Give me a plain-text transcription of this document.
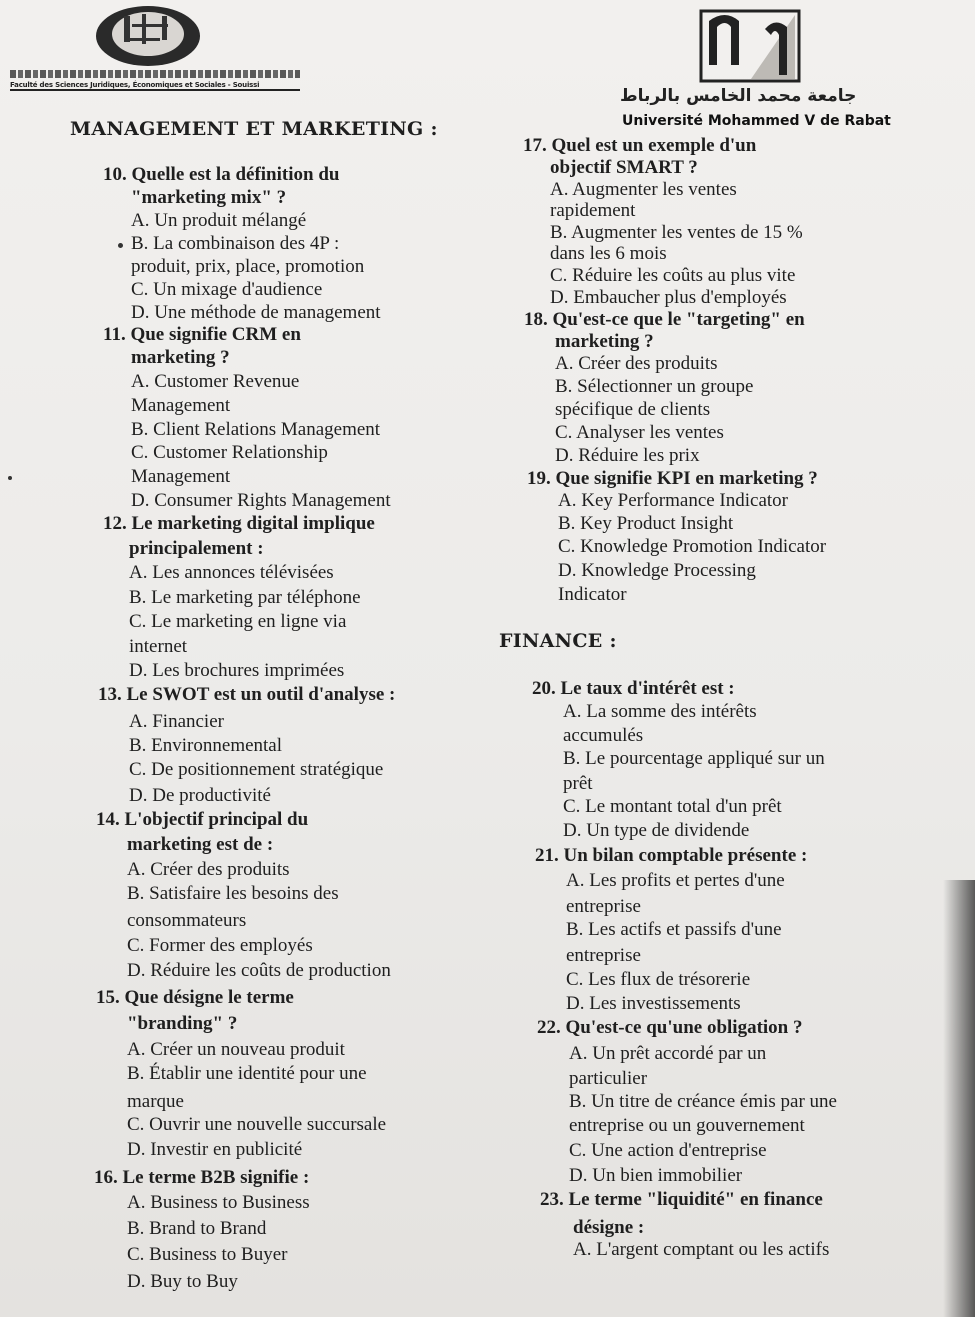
Faculté des Sciences Juridiques, Économiques et Sociales - Souissi
جامعة محمد الخامس بالرباط
Université Mohammed V de Rabat
MANAGEMENT ET MARKETING :
FINANCE :
10. Quelle est la définition du
"marketing mix" ?
A. Un produit mélangé
B. La combinaison des 4P :
produit, prix, place, promotion
C. Un mixage d'audience
D. Une méthode de management
11. Que signifie CRM en
marketing ?
A. Customer Revenue
Management
B. Client Relations Management
C. Customer Relationship
Management
D. Consumer Rights Management
12. Le marketing digital implique
principalement :
A. Les annonces télévisées
B. Le marketing par téléphone
C. Le marketing en ligne via
internet
D. Les brochures imprimées
13. Le SWOT est un outil d'analyse :
A. Financier
B. Environnemental
C. De positionnement stratégique
D. De productivité
14. L'objectif principal du
marketing est de :
A. Créer des produits
B. Satisfaire les besoins des
consommateurs
C. Former des employés
D. Réduire les coûts de production
15. Que désigne le terme
"branding" ?
A. Créer un nouveau produit
B. Établir une identité pour une
marque
C. Ouvrir une nouvelle succursale
D. Investir en publicité
16. Le terme B2B signifie :
A. Business to Business
B. Brand to Brand
C. Business to Buyer
D. Buy to Buy
17. Quel est un exemple d'un
objectif SMART ?
A. Augmenter les ventes
rapidement
B. Augmenter les ventes de 15 %
dans les 6 mois
C. Réduire les coûts au plus vite
D. Embaucher plus d'employés
18. Qu'est-ce que le "targeting" en
marketing ?
A. Créer des produits
B. Sélectionner un groupe
spécifique de clients
C. Analyser les ventes
D. Réduire les prix
19. Que signifie KPI en marketing ?
A. Key Performance Indicator
B. Key Product Insight
C. Knowledge Promotion Indicator
D. Knowledge Processing
Indicator
20. Le taux d'intérêt est :
A. La somme des intérêts
accumulés
B. Le pourcentage appliqué sur un
prêt
C. Le montant total d'un prêt
D. Un type de dividende
21. Un bilan comptable présente :
A. Les profits et pertes d'une
entreprise
B. Les actifs et passifs d'une
entreprise
C. Les flux de trésorerie
D. Les investissements
22. Qu'est-ce qu'une obligation ?
A. Un prêt accordé par un
particulier
B. Un titre de créance émis par une
entreprise ou un gouvernement
C. Une action d'entreprise
D. Un bien immobilier
23. Le terme "liquidité" en finance
désigne :
A. L'argent comptant ou les actifs
